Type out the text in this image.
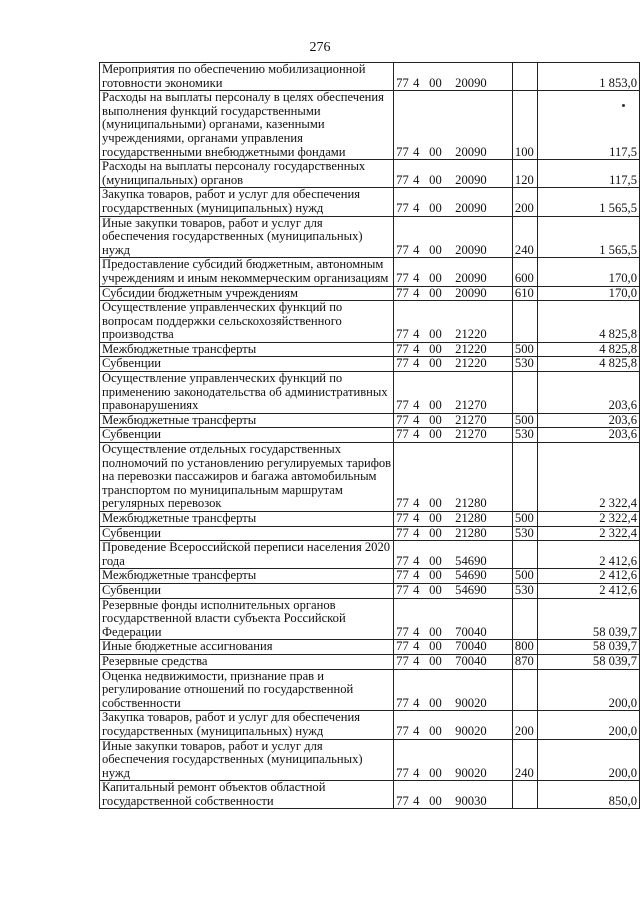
276
Мероприятия по обеспечению мобилизационной готовности экономики	77 4 00 20090		1 853,0
Расходы на выплаты персоналу в целях обеспечения выполнения функций государственными (муниципальными) органами, казенными учреждениями, органами управления государственными внебюджетными фондами	77 4 00 20090	100	117,5
Расходы на выплаты персоналу государственных (муниципальных) органов	77 4 00 20090	120	117,5
Закупка товаров, работ и услуг для обеспечения государственных (муниципальных) нужд	77 4 00 20090	200	1 565,5
Иные закупки товаров, работ и услуг для обеспечения государственных (муниципальных) нужд	77 4 00 20090	240	1 565,5
Предоставление субсидий бюджетным, автономным учреждениям и иным некоммерческим организациям	77 4 00 20090	600	170,0
Субсидии бюджетным учреждениям	77 4 00 20090	610	170,0
Осуществление управленческих функций по вопросам поддержки сельскохозяйственного производства	77 4 00 21220		4 825,8
Межбюджетные трансферты	77 4 00 21220	500	4 825,8
Субвенции	77 4 00 21220	530	4 825,8
Осуществление управленческих функций по применению законодательства об административных правонарушениях	77 4 00 21270		203,6
Межбюджетные трансферты	77 4 00 21270	500	203,6
Субвенции	77 4 00 21270	530	203,6
Осуществление отдельных государственных полномочий по установлению регулируемых тарифов на перевозки пассажиров и багажа автомобильным транспортом по муниципальным маршрутам регулярных перевозок	77 4 00 21280		2 322,4
Межбюджетные трансферты	77 4 00 21280	500	2 322,4
Субвенции	77 4 00 21280	530	2 322,4
Проведение Всероссийской переписи населения 2020 года	77 4 00 54690		2 412,6
Межбюджетные трансферты	77 4 00 54690	500	2 412,6
Субвенции	77 4 00 54690	530	2 412,6
Резервные фонды исполнительных органов государственной власти субъекта Российской Федерации	77 4 00 70040		58 039,7
Иные бюджетные ассигнования	77 4 00 70040	800	58 039,7
Резервные средства	77 4 00 70040	870	58 039,7
Оценка недвижимости, признание прав и регулирование отношений по государственной собственности	77 4 00 90020		200,0
Закупка товаров, работ и услуг для обеспечения государственных (муниципальных) нужд	77 4 00 90020	200	200,0
Иные закупки товаров, работ и услуг для обеспечения государственных (муниципальных) нужд	77 4 00 90020	240	200,0
Капитальный ремонт объектов областной государственной собственности	77 4 00 90030		850,0
